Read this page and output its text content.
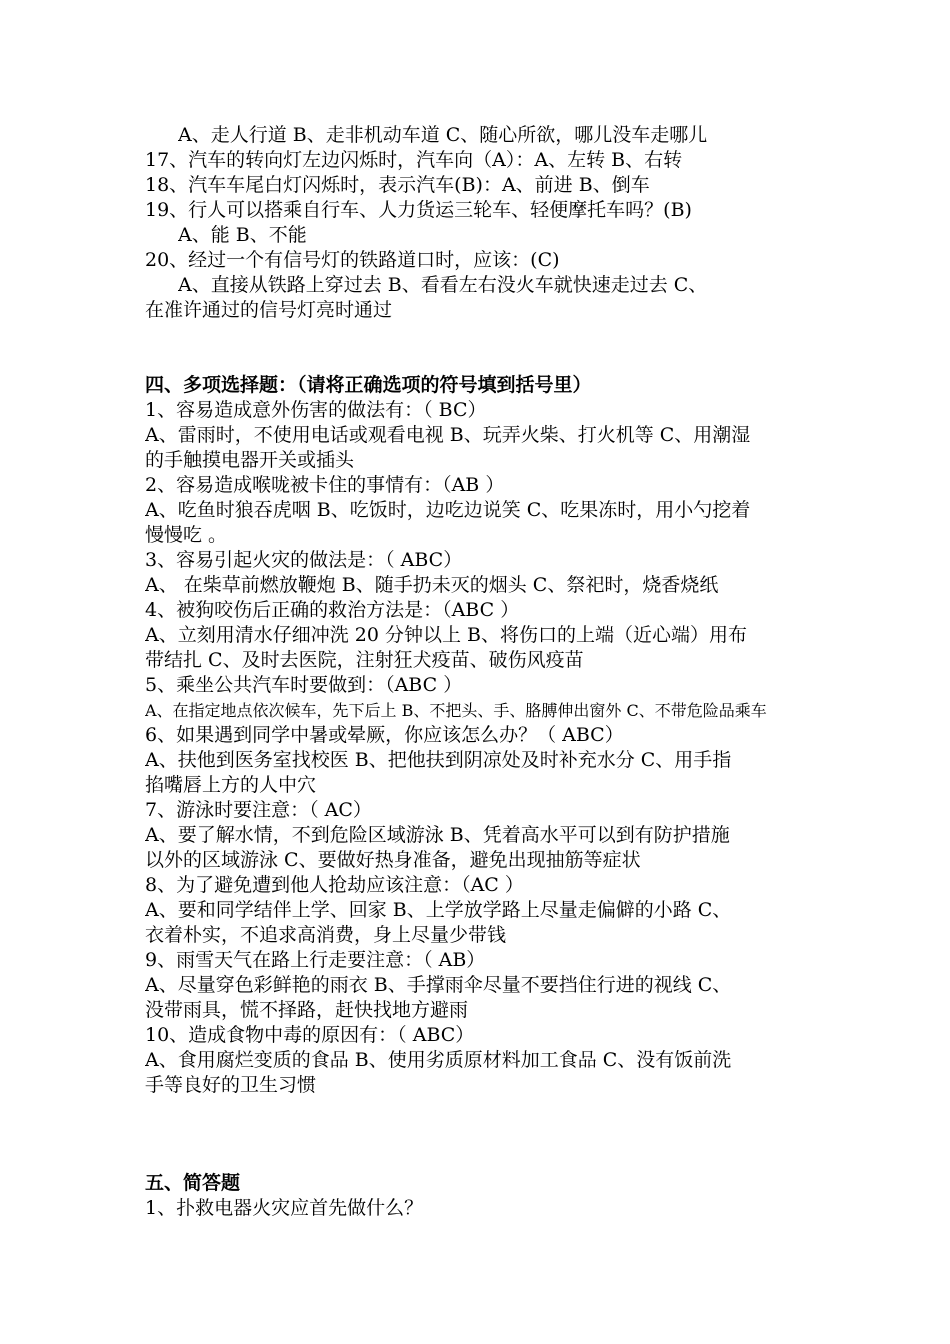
A、走人行道 B、走非机动车道 C、随心所欲，哪儿没车走哪儿
17、汽车的转向灯左边闪烁时，汽车向（A）：A、左转 B、右转
18、汽车车尾白灯闪烁时，表示汽车(B)：A、前进 B、倒车
19、行人可以搭乘自行车、人力货运三轮车、轻便摩托车吗？(B)
A、能 B、不能
20、经过一个有信号灯的铁路道口时，应该：(C)
A、直接从铁路上穿过去 B、看看左右没火车就快速走过去 C、
在准许通过的信号灯亮时通过
四、多项选择题：（请将正确选项的符号填到括号里）
1、容易造成意外伤害的做法有：（ BC）
A、雷雨时，不使用电话或观看电视 B、玩弄火柴、打火机等 C、用潮湿
的手触摸电器开关或插头
2、容易造成喉咙被卡住的事情有：（AB ）
A、吃鱼时狼吞虎咽 B、吃饭时，边吃边说笑 C、吃果冻时，用小勺挖着
慢慢吃 。
3、容易引起火灾的做法是：（ ABC）
A、 在柴草前燃放鞭炮 B、随手扔未灭的烟头 C、祭祀时，烧香烧纸
4、被狗咬伤后正确的救治方法是：（ABC ）
A、立刻用清水仔细冲洗 20 分钟以上 B、将伤口的上端（近心端）用布
带结扎 C、及时去医院，注射狂犬疫苗、破伤风疫苗
5、乘坐公共汽车时要做到：（ABC ）
A、在指定地点依次候车，先下后上 B、不把头、手、胳膊伸出窗外 C、不带危险品乘车
6、如果遇到同学中暑或晕厥，你应该怎么办？（ ABC）
A、扶他到医务室找校医 B、把他扶到阴凉处及时补充水分 C、用手指
掐嘴唇上方的人中穴
7、游泳时要注意：（ AC）
A、要了解水情，不到危险区域游泳 B、凭着高水平可以到有防护措施
以外的区域游泳 C、要做好热身准备，避免出现抽筋等症状
8、为了避免遭到他人抢劫应该注意：（AC ）
A、要和同学结伴上学、回家 B、上学放学路上尽量走偏僻的小路 C、
衣着朴实，不追求高消费，身上尽量少带钱
9、雨雪天气在路上行走要注意：（ AB）
A、尽量穿色彩鲜艳的雨衣 B、手撑雨伞尽量不要挡住行进的视线 C、
没带雨具，慌不择路，赶快找地方避雨
10、造成食物中毒的原因有：（ ABC）
A、食用腐烂变质的食品 B、使用劣质原材料加工食品 C、没有饭前洗
手等良好的卫生习惯
五、简答题
1、扑救电器火灾应首先做什么？
